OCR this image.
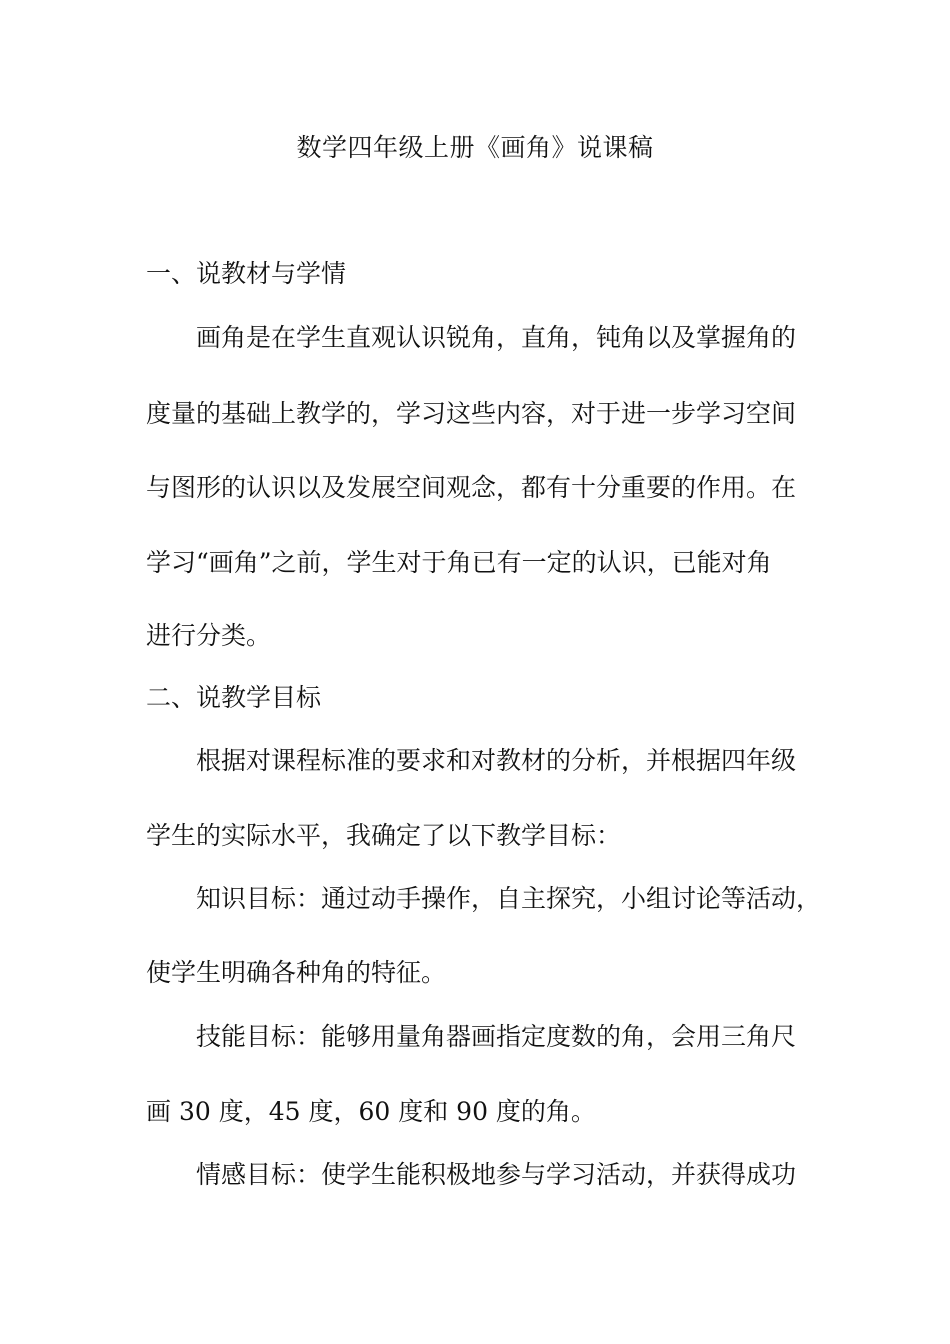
数学四年级上册《画角》说课稿
一、说教材与学情
画角是在学生直观认识锐角，直角，钝角以及掌握角的
度量的基础上教学的，学习这些内容，对于进一步学习空间
与图形的认识以及发展空间观念，都有十分重要的作用。在
学习“画角”之前，学生对于角已有一定的认识，已能对角
进行分类。
二、说教学目标
根据对课程标准的要求和对教材的分析，并根据四年级
学生的实际水平，我确定了以下教学目标：
知识目标：通过动手操作，自主探究，小组讨论等活动，
使学生明确各种角的特征。
技能目标：能够用量角器画指定度数的角，会用三角尺
画 30 度，45 度，60 度和 90 度的角。
情感目标：使学生能积极地参与学习活动，并获得成功
